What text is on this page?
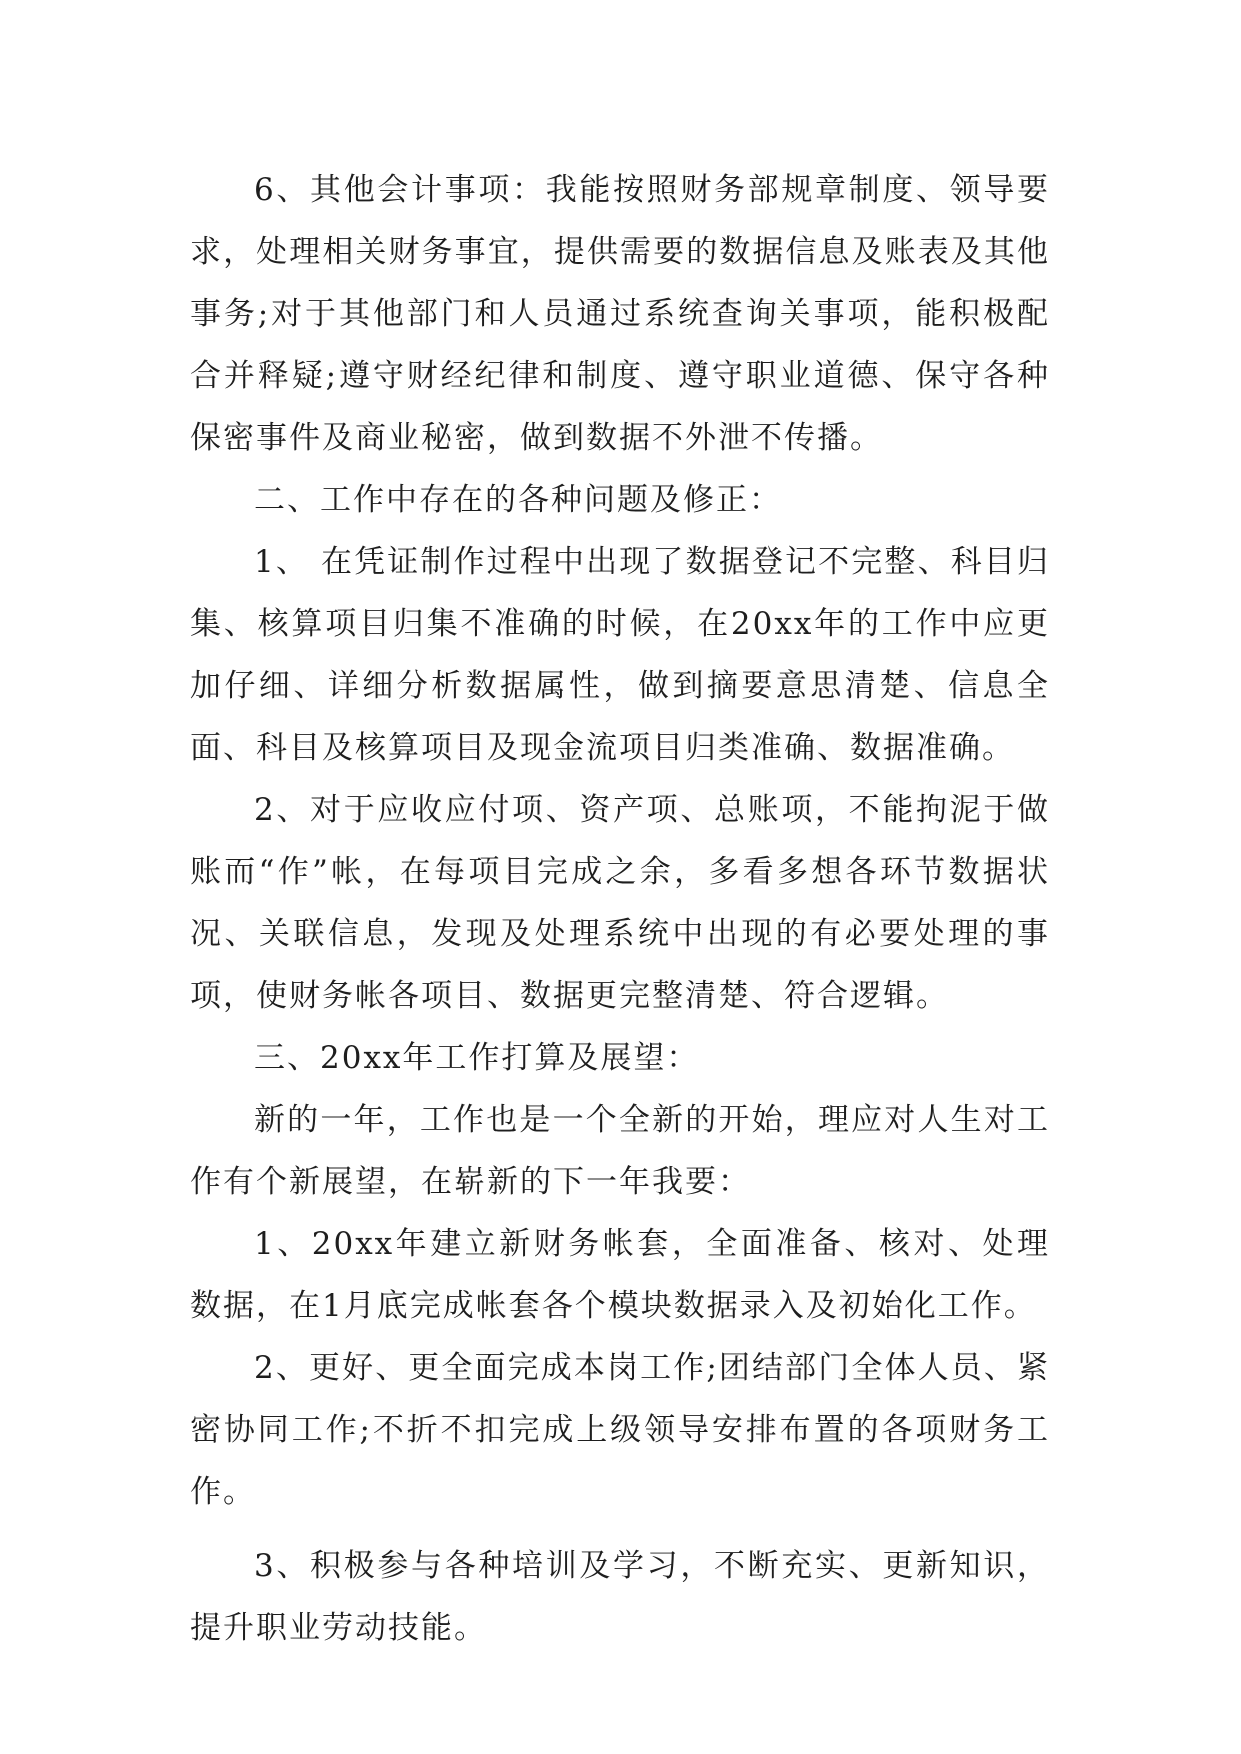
6、其他会计事项：我能按照财务部规章制度、领导要求，处理相关财务事宜，提供需要的数据信息及账表及其他事务;对于其他部门和人员通过系统查询关事项，能积极配合并释疑;遵守财经纪律和制度、遵守职业道德、保守各种保密事件及商业秘密，做到数据不外泄不传播。

二、工作中存在的各种问题及修正：

1、 在凭证制作过程中出现了数据登记不完整、科目归集、核算项目归集不准确的时候，在20xx年的工作中应更加仔细、详细分析数据属性，做到摘要意思清楚、信息全面、科目及核算项目及现金流项目归类准确、数据准确。

2、对于应收应付项、资产项、总账项，不能拘泥于做账而“作”帐，在每项目完成之余，多看多想各环节数据状况、关联信息，发现及处理系统中出现的有必要处理的事项，使财务帐各项目、数据更完整清楚、符合逻辑。

三、20xx年工作打算及展望：

新的一年，工作也是一个全新的开始，理应对人生对工作有个新展望，在崭新的下一年我要：

1、20xx年建立新财务帐套，全面准备、核对、处理数据，在1月底完成帐套各个模块数据录入及初始化工作。

2、更好、更全面完成本岗工作;团结部门全体人员、紧密协同工作;不折不扣完成上级领导安排布置的各项财务工作。

3、积极参与各种培训及学习，不断充实、更新知识，提升职业劳动技能。
